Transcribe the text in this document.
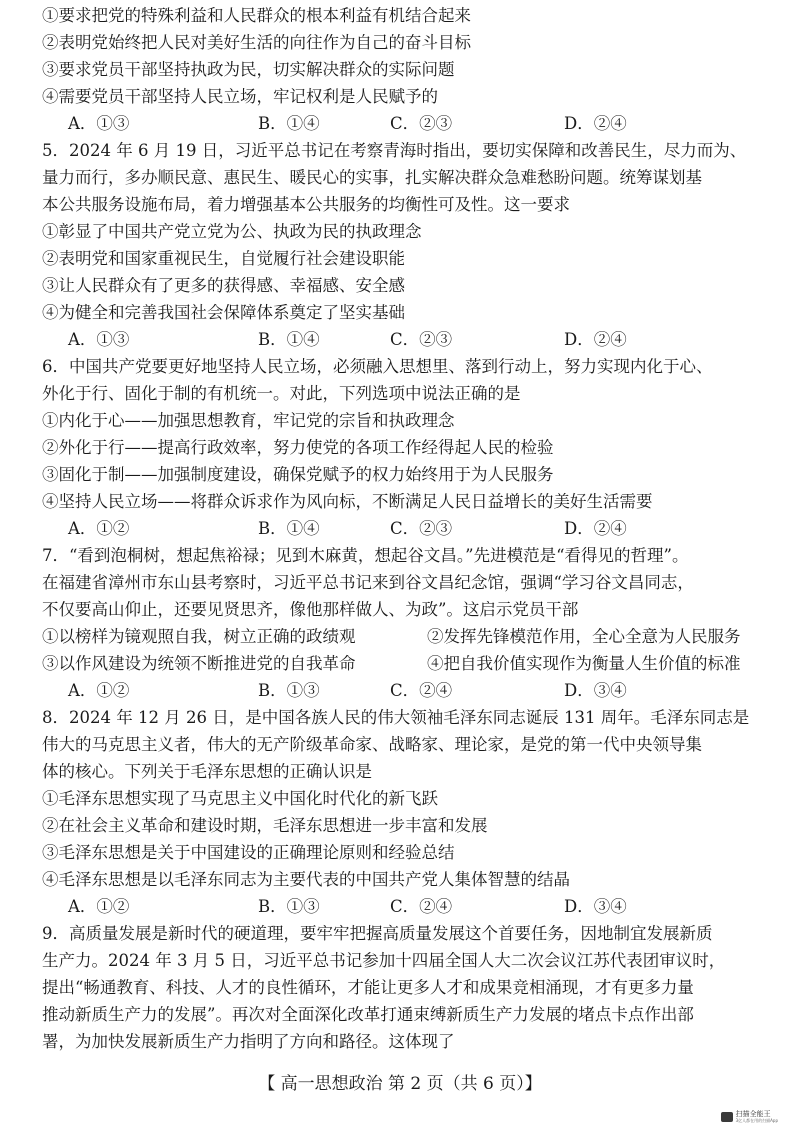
①要求把党的特殊利益和人民群众的根本利益有机结合起来
②表明党始终把人民对美好生活的向往作为自己的奋斗目标
③要求党员干部坚持执政为民，切实解决群众的实际问题
④需要党员干部坚持人民立场，牢记权利是人民赋予的
A．①③	B．①④	C．②③	D．②④
5．2024 年 6 月 19 日，习近平总书记在考察青海时指出，要切实保障和改善民生，尽力而为、
量力而行，多办顺民意、惠民生、暖民心的实事，扎实解决群众急难愁盼问题。统筹谋划基
本公共服务设施布局，着力增强基本公共服务的均衡性可及性。这一要求
①彰显了中国共产党立党为公、执政为民的执政理念
②表明党和国家重视民生，自觉履行社会建设职能
③让人民群众有了更多的获得感、幸福感、安全感
④为健全和完善我国社会保障体系奠定了坚实基础
A．①③	B．①④	C．②③	D．②④
6．中国共产党要更好地坚持人民立场，必须融入思想里、落到行动上，努力实现内化于心、
外化于行、固化于制的有机统一。对此，下列选项中说法正确的是
①内化于心——加强思想教育，牢记党的宗旨和执政理念
②外化于行——提高行政效率，努力使党的各项工作经得起人民的检验
③固化于制——加强制度建设，确保党赋予的权力始终用于为人民服务
④坚持人民立场——将群众诉求作为风向标，不断满足人民日益增长的美好生活需要
A．①②	B．①④	C．②③	D．②④
7．“看到泡桐树，想起焦裕禄；见到木麻黄，想起谷文昌。”先进模范是“看得见的哲理”。
在福建省漳州市东山县考察时，习近平总书记来到谷文昌纪念馆，强调“学习谷文昌同志，
不仅要高山仰止，还要见贤思齐，像他那样做人、为政”。这启示党员干部
①以榜样为镜观照自我，树立正确的政绩观	②发挥先锋模范作用，全心全意为人民服务
③以作风建设为统领不断推进党的自我革命	④把自我价值实现作为衡量人生价值的标准
A．①②	B．①③	C．②④	D．③④
8．2024 年 12 月 26 日，是中国各族人民的伟大领袖毛泽东同志诞辰 131 周年。毛泽东同志是
伟大的马克思主义者，伟大的无产阶级革命家、战略家、理论家，是党的第一代中央领导集
体的核心。下列关于毛泽东思想的正确认识是
①毛泽东思想实现了马克思主义中国化时代化的新飞跃
②在社会主义革命和建设时期，毛泽东思想进一步丰富和发展
③毛泽东思想是关于中国建设的正确理论原则和经验总结
④毛泽东思想是以毛泽东同志为主要代表的中国共产党人集体智慧的结晶
A．①②	B．①③	C．②④	D．③④
9．高质量发展是新时代的硬道理，要牢牢把握高质量发展这个首要任务，因地制宜发展新质
生产力。2024 年 3 月 5 日，习近平总书记参加十四届全国人大二次会议江苏代表团审议时，
提出“畅通教育、科技、人才的良性循环，才能让更多人才和成果竞相涌现，才有更多力量
推动新质生产力的发展”。再次对全面深化改革打通束缚新质生产力发展的堵点卡点作出部
署，为加快发展新质生产力指明了方向和路径。这体现了
【 高一思想政治 第 2 页（共 6 页）】
扫描全能王
3亿人都在用的扫描App
